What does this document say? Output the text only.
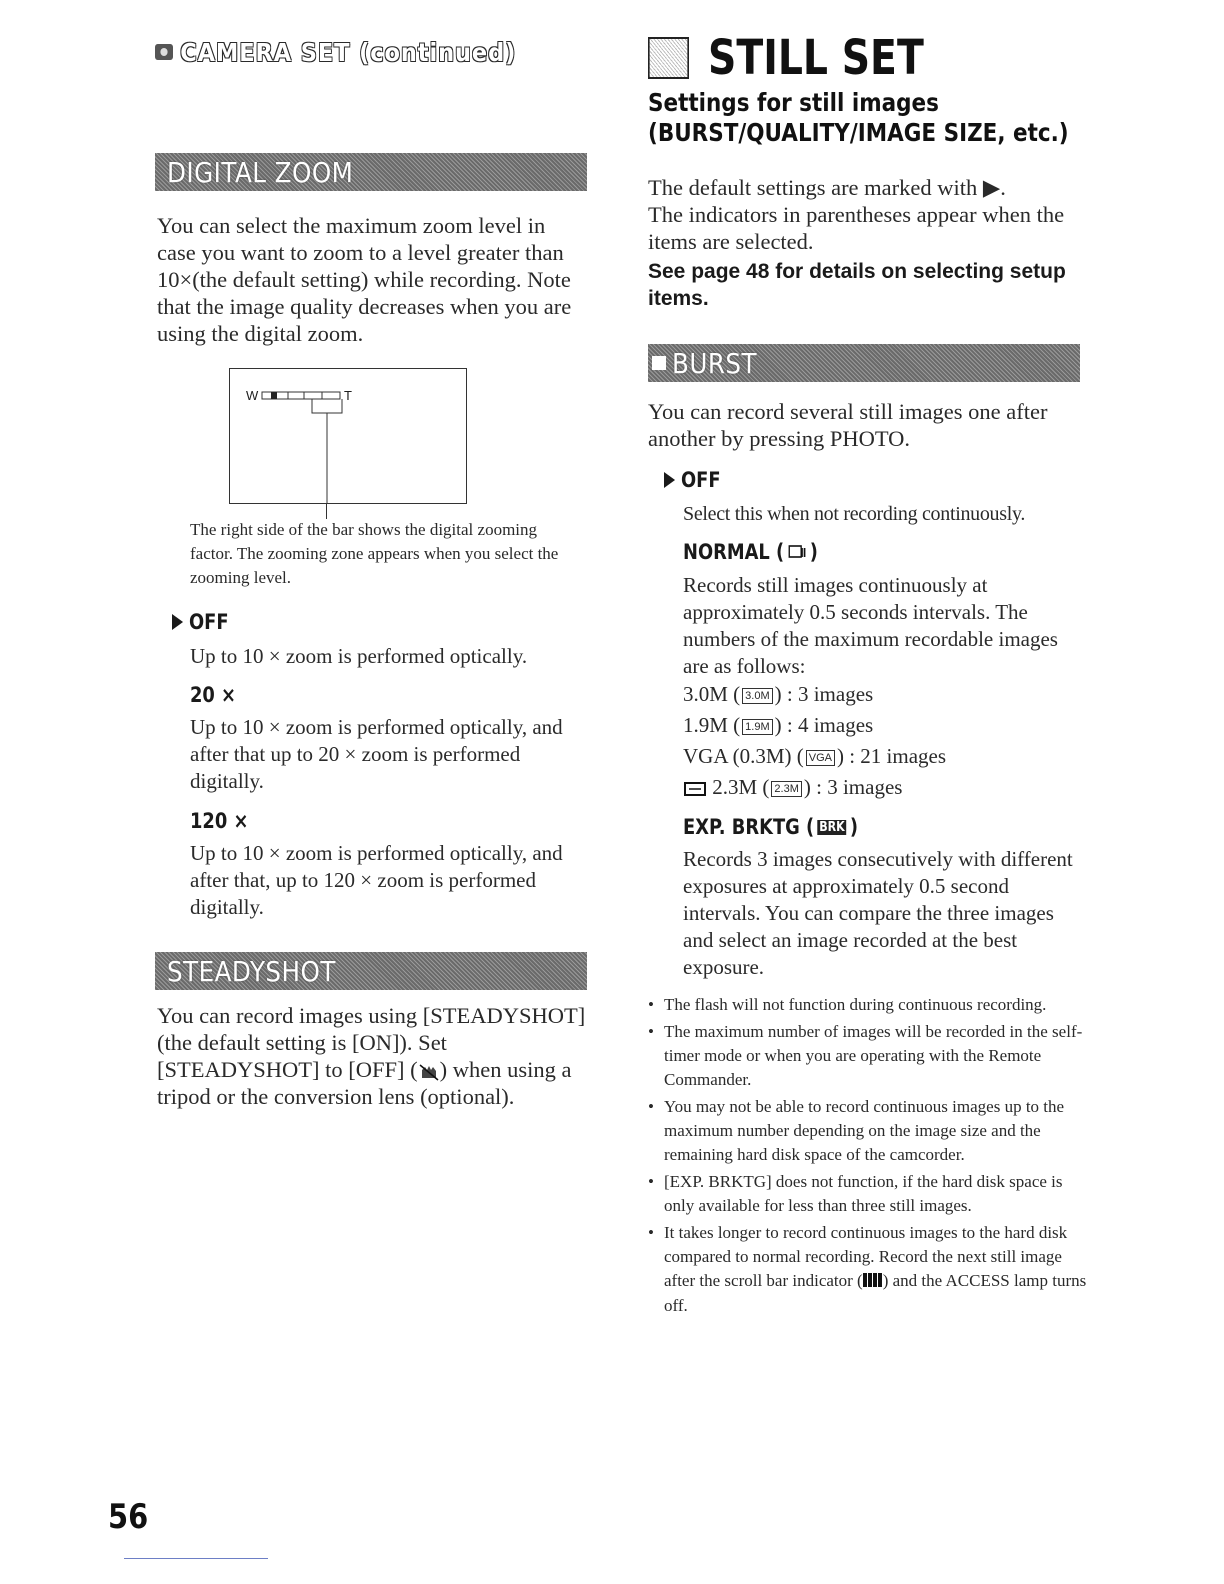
CAMERA SET (continued)
DIGITAL ZOOM
You can select the maximum zoom level in case you want to zoom to a level greater than 10×(the default setting) while recording. Note that the image quality decreases when you are using the digital zoom.
W	T
The right side of the bar shows the digital zooming factor. The zooming zone appears when you select the zooming level.
OFF
Up to 10 × zoom is performed optically.
20 ×
Up to 10 × zoom is performed optically, and after that up to 20 × zoom is performed digitally.
120 ×
Up to 10 × zoom is performed optically, and after that, up to 120 × zoom is performed digitally.
STEADYSHOT
You can record images using [STEADYSHOT] (the default setting is [ON]). Set [STEADYSHOT] to [OFF] ( ) when using a tripod or the conversion lens (optional).
STILL SET
Settings for still images (BURST/QUALITY/IMAGE SIZE, etc.)
The default settings are marked with ▶.
The indicators in parentheses appear when the items are selected.
See page 48 for details on selecting setup items.
BURST
You can record several still images one after another by pressing PHOTO.
OFF
Select this when not recording continuously.
NORMAL ( )
Records still images continuously at approximately 0.5 seconds intervals. The numbers of the maximum recordable images are as follows:
3.0M ( 3.0M ) : 3 images
1.9M ( 1.9M ) : 4 images
VGA (0.3M) ( VGA ) : 21 images
2.3M ( 2.3M ) : 3 images
EXP. BRKTG ( BRK )
Records 3 images consecutively with different exposures at approximately 0.5 second intervals. You can compare the three images and select an image recorded at the best exposure.
• The flash will not function during continuous recording.
• The maximum number of images will be recorded in the self-timer mode or when you are operating with the Remote Commander.
• You may not be able to record continuous images up to the maximum number depending on the image size and the remaining hard disk space of the camcorder.
• [EXP. BRKTG] does not function, if the hard disk space is only available for less than three still images.
• It takes longer to record continuous images to the hard disk compared to normal recording. Record the next still image after the scroll bar indicator ( ) and the ACCESS lamp turns off.
56
